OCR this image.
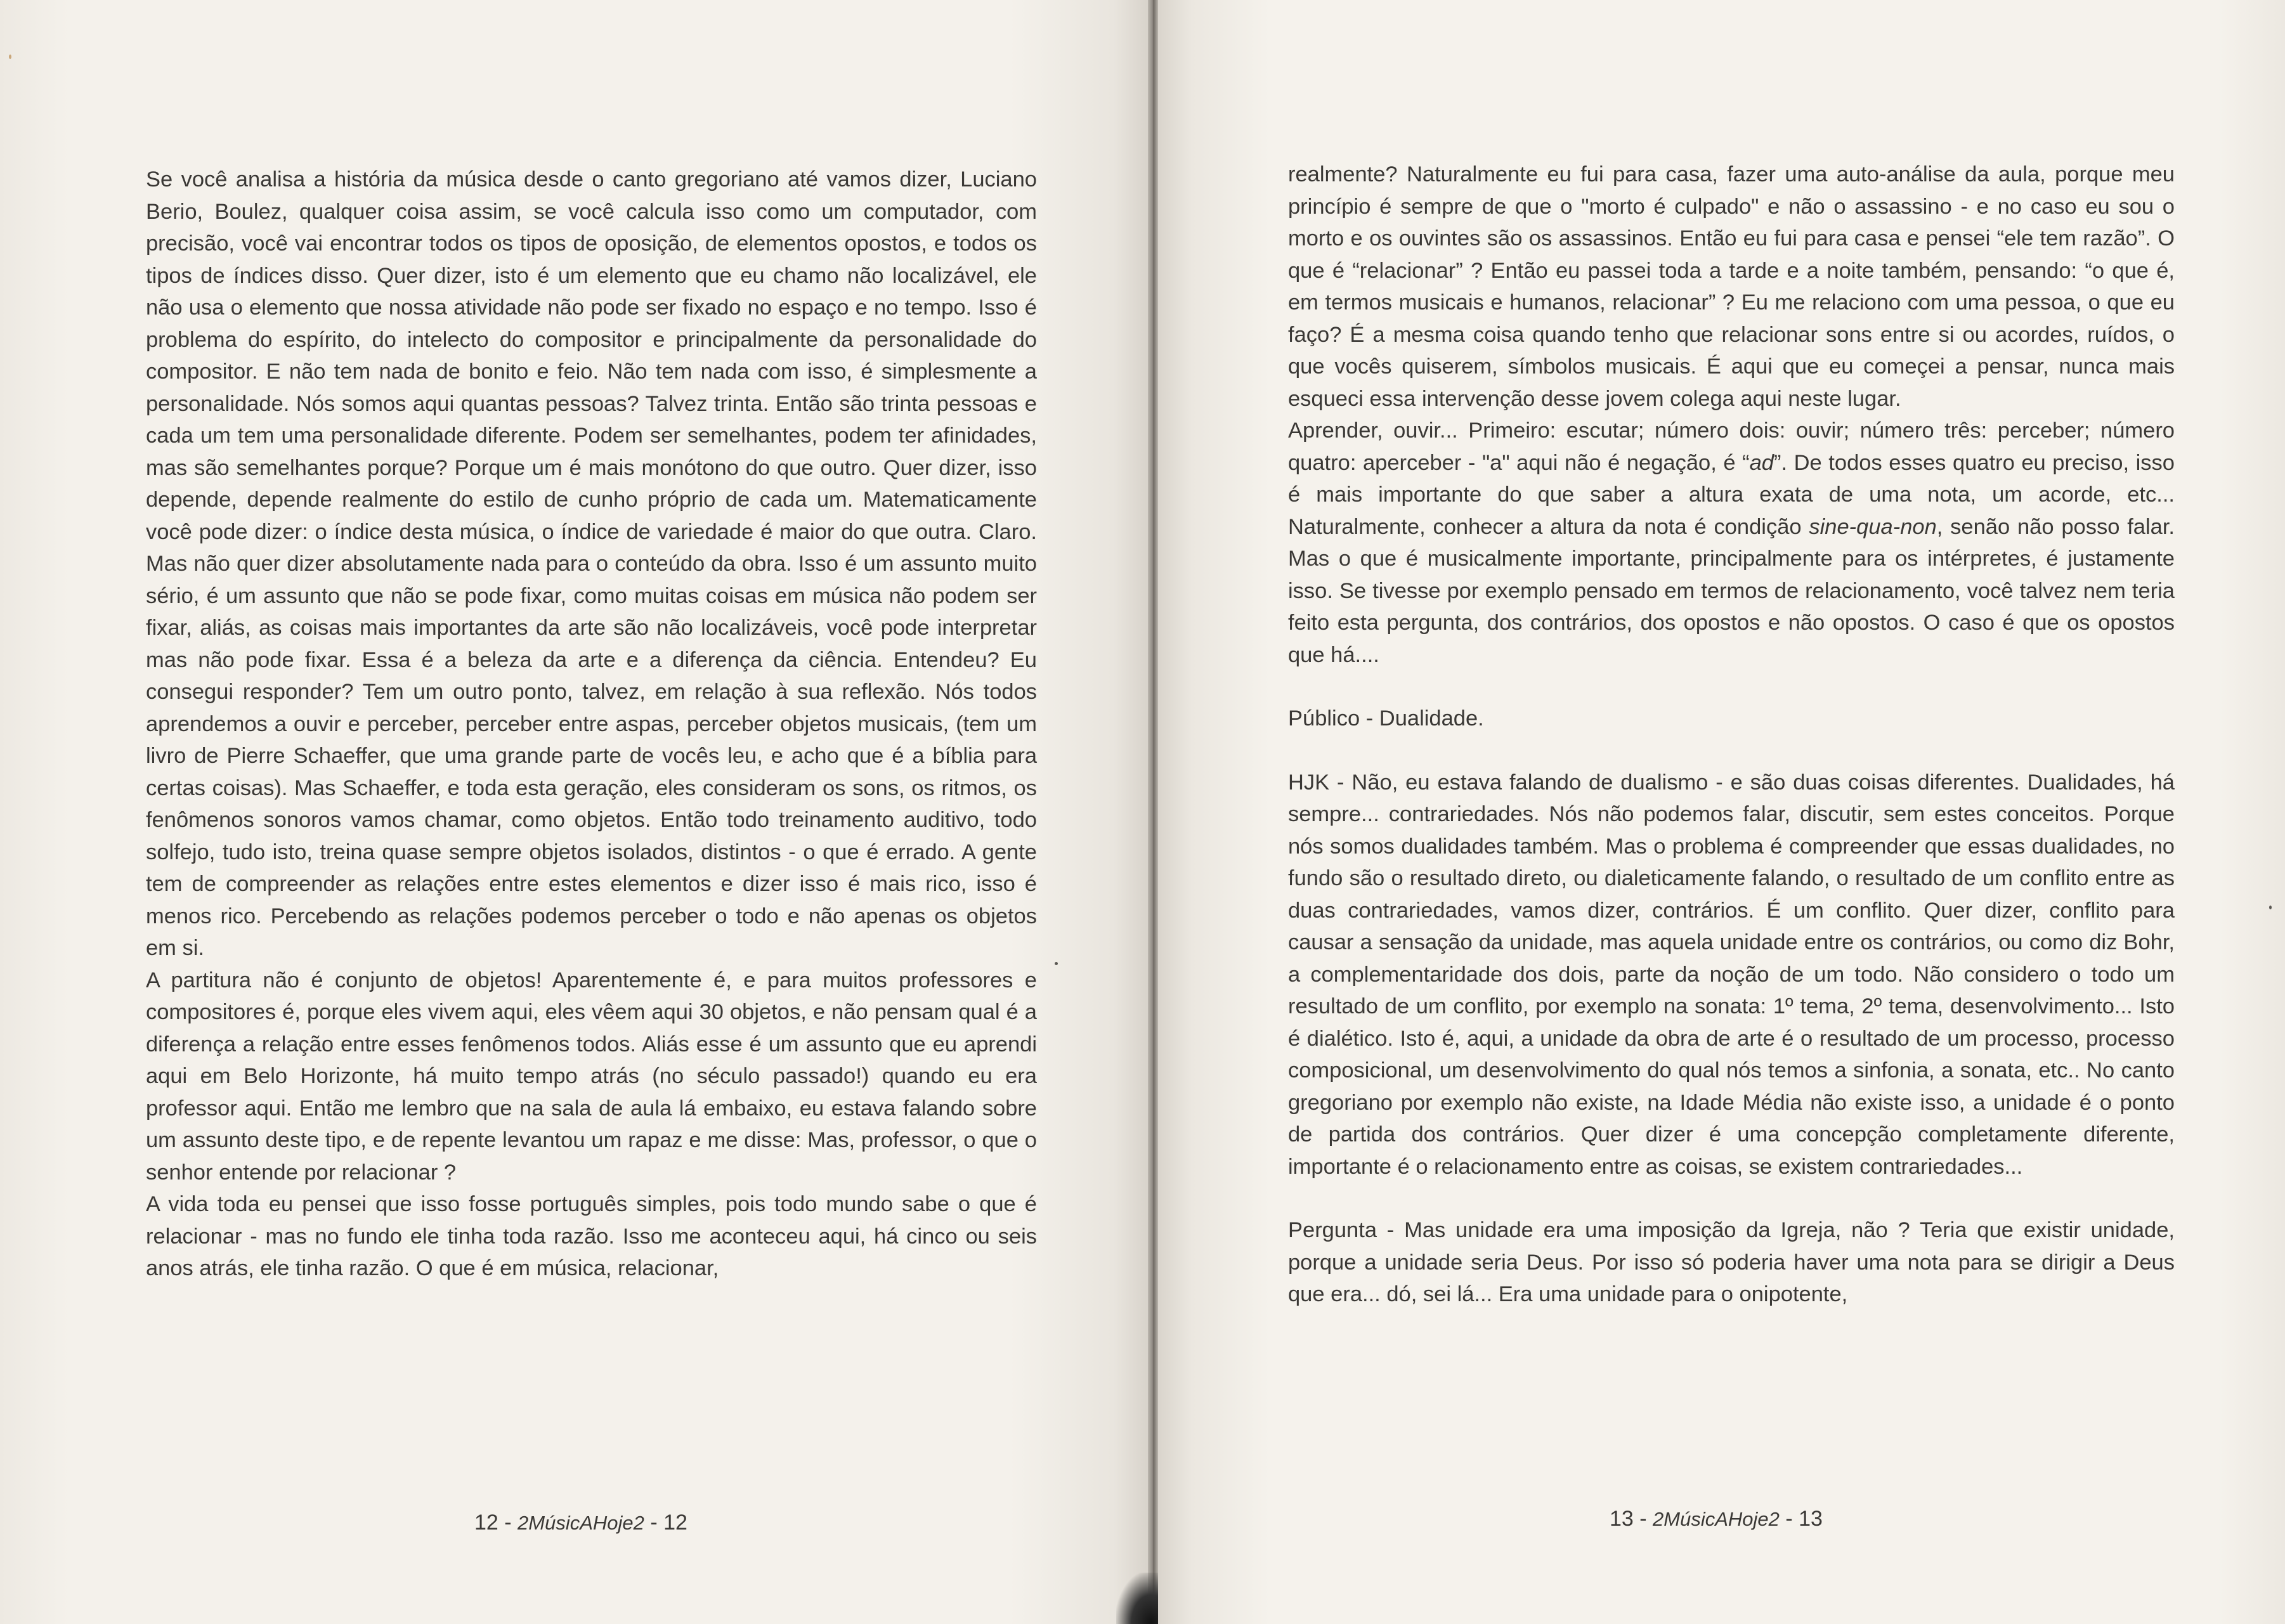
Se você analisa a história da música desde o canto gregoriano até vamos dizer, Luciano Berio, Boulez, qualquer coisa assim, se você calcula isso como um computador, com precisão, você vai encontrar todos os tipos de oposição, de elementos opostos, e todos os tipos de índices disso. Quer dizer, isto é um elemento que eu chamo não localizável, ele não usa o elemento que nossa atividade não pode ser fixado no espaço e no tempo. Isso é problema do espírito, do intelecto do compositor e principalmente da personalidade do compositor. E não tem nada de bonito e feio. Não tem nada com isso, é simplesmente a personalidade. Nós somos aqui quantas pessoas? Talvez trinta. Então são trinta pessoas e cada um tem uma personalidade diferente. Podem ser semelhantes, podem ter afinidades, mas são semelhantes porque? Porque um é mais monótono do que outro. Quer dizer, isso depende, depende realmente do estilo de cunho próprio de cada um. Matematicamente você pode dizer: o índice desta música, o índice de variedade é maior do que outra. Claro. Mas não quer dizer absolutamente nada para o conteúdo da obra. Isso é um assunto muito sério, é um assunto que não se pode fixar, como muitas coisas em música não podem ser fixar, aliás, as coisas mais importantes da arte são não localizáveis, você pode interpretar mas não pode fixar. Essa é a beleza da arte e a diferença da ciência. Entendeu? Eu consegui responder? Tem um outro ponto, talvez, em relação à sua reflexão. Nós todos aprendemos a ouvir e perceber, perceber entre aspas, perceber objetos musicais, (tem um livro de Pierre Schaeffer, que uma grande parte de vocês leu, e acho que é a bíblia para certas coisas). Mas Schaeffer, e toda esta geração, eles consideram os sons, os ritmos, os fenômenos sonoros vamos chamar, como objetos. Então todo treinamento auditivo, todo solfejo, tudo isto, treina quase sempre objetos isolados, distintos - o que é errado. A gente tem de compreender as relações entre estes elementos e dizer isso é mais rico, isso é menos rico. Percebendo as relações podemos perceber o todo e não apenas os objetos em si.

A partitura não é conjunto de objetos! Aparentemente é, e para muitos professores e compositores é, porque eles vivem aqui, eles vêem aqui 30 objetos, e não pensam qual é a diferença a relação entre esses fenômenos todos. Aliás esse é um assunto que eu aprendi aqui em Belo Horizonte, há muito tempo atrás (no século passado!) quando eu era professor aqui. Então me lembro que na sala de aula lá embaixo, eu estava falando sobre um assunto deste tipo, e de repente levantou um rapaz e me disse: Mas, professor, o que o senhor entende por relacionar ?

A vida toda eu pensei que isso fosse português simples, pois todo mundo sabe o que é relacionar - mas no fundo ele tinha toda razão. Isso me aconteceu aqui, há cinco ou seis anos atrás, ele tinha razão. O que é em música, relacionar,

12 - 2MúsicAHoje2 - 12

realmente? Naturalmente eu fui para casa, fazer uma auto-análise da aula, porque meu princípio é sempre de que o "morto é culpado" e não o assassino - e no caso eu sou o morto e os ouvintes são os assassinos. Então eu fui para casa e pensei “ele tem razão”. O que é “relacionar” ? Então eu passei toda a tarde e a noite também, pensando: “o que é, em termos musicais e humanos, relacionar” ? Eu me relaciono com uma pessoa, o que eu faço? É a mesma coisa quando tenho que relacionar sons entre si ou acordes, ruídos, o que vocês quiserem, símbolos musicais. É aqui que eu começei a pensar, nunca mais esqueci essa intervenção desse jovem colega aqui neste lugar.

Aprender, ouvir... Primeiro: escutar; número dois: ouvir; número três: perceber; número quatro: aperceber - "a" aqui não é negação, é “ad”. De todos esses quatro eu preciso, isso é mais importante do que saber a altura exata de uma nota, um acorde, etc... Naturalmente, conhecer a altura da nota é condição sine-qua-non, senão não posso falar. Mas o que é musicalmente importante, principalmente para os intérpretes, é justamente isso. Se tivesse por exemplo pensado em termos de relacionamento, você talvez nem teria feito esta pergunta, dos contrários, dos opostos e não opostos. O caso é que os opostos que há....

Público - Dualidade.

HJK - Não, eu estava falando de dualismo - e são duas coisas diferentes. Dualidades, há sempre... contrariedades. Nós não podemos falar, discutir, sem estes conceitos. Porque nós somos dualidades também. Mas o problema é compreender que essas dualidades, no fundo são o resultado direto, ou dialeticamente falando, o resultado de um conflito entre as duas contrariedades, vamos dizer, contrários. É um conflito. Quer dizer, conflito para causar a sensação da unidade, mas aquela unidade entre os contrários, ou como diz Bohr, a complementaridade dos dois, parte da noção de um todo. Não considero o todo um resultado de um conflito, por exemplo na sonata: 1º tema, 2º tema, desenvolvimento... Isto é dialético. Isto é, aqui, a unidade da obra de arte é o resultado de um processo, processo composicional, um desenvolvimento do qual nós temos a sinfonia, a sonata, etc.. No canto gregoriano por exemplo não existe, na Idade Média não existe isso, a unidade é o ponto de partida dos contrários. Quer dizer é uma concepção completamente diferente, importante é o relacionamento entre as coisas, se existem contrariedades...

Pergunta - Mas unidade era uma imposição da Igreja, não ? Teria que existir unidade, porque a unidade seria Deus. Por isso só poderia haver uma nota para se dirigir a Deus que era... dó, sei lá... Era uma unidade para o onipotente,

13 - 2MúsicAHoje2 - 13
